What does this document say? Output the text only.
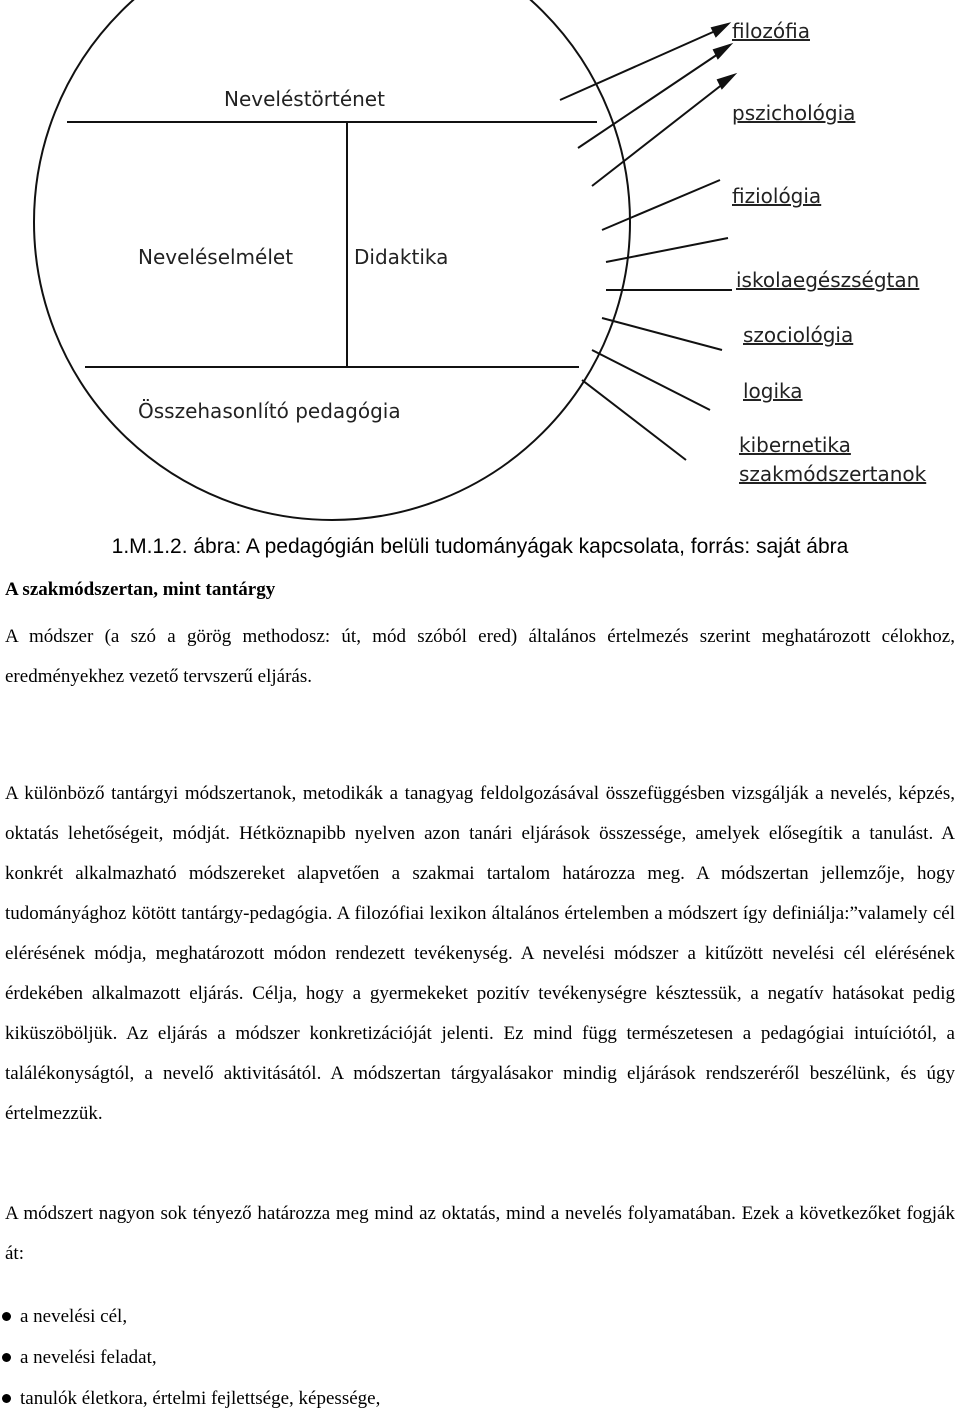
Neveléstörténet
Neveléselmélet	Didaktika
Összehasonlító pedagógia
filozófia
pszichológia
fiziológia
iskolaegészségtan
szociológia
logika
kibernetika
szakmódszertanok
1.M.1.2. ábra: A pedagógián belüli tudományágak kapcsolata, forrás: saját ábra
A szakmódszertan, mint tantárgy
A módszer (a szó a görög methodosz: út, mód szóból ered) általános értelmezés szerint meghatározott célokhoz, eredményekhez vezető tervszerű eljárás.
A különböző tantárgyi módszertanok, metodikák a tanagyag feldolgozásával összefüggésben vizsgálják a nevelés, képzés, oktatás lehetőségeit, módját. Hétköznapibb nyelven azon tanári eljárások összessége, amelyek elősegítik a tanulást. A konkrét alkalmazható módszereket alapvetően a szakmai tartalom határozza meg. A módszertan jellemzője, hogy tudományághoz kötött tantárgy-pedagógia. A filozófiai lexikon általános értelemben a módszert így definiálja:”valamely cél elérésének módja, meghatározott módon rendezett tevékenység. A nevelési módszer a kitűzött nevelési cél elérésének érdekében alkalmazott eljárás. Célja, hogy a gyermekeket pozitív tevékenységre késztessük, a negatív hatásokat pedig kiküszöböljük. Az eljárás a módszer konkretizációját jelenti. Ez mind függ természetesen a pedagógiai intuíciótól, a találékonyságtól, a nevelő aktivitásától. A módszertan tárgyalásakor mindig eljárások rendszeréről beszélünk, és úgy értelmezzük.
A módszert nagyon sok tényező határozza meg mind az oktatás, mind a nevelés folyamatában. Ezek a következőket fogják át:
a nevelési cél,
a nevelési feladat,
tanulók életkora, értelmi fejlettsége, képessége,
